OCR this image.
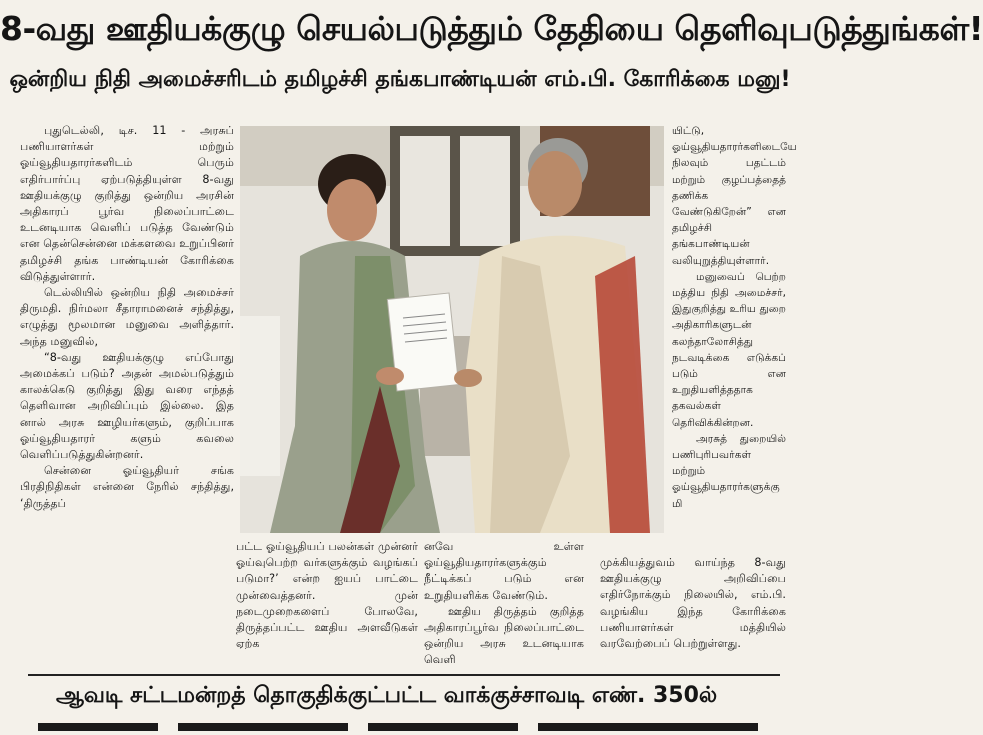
8-வது ஊதியக்குழு செயல்படுத்தும் தேதியை தெளிவுபடுத்துங்கள்!
ஒன்றிய நிதி அமைச்சரிடம் தமிழச்சி தங்கபாண்டியன் எம்.பி. கோரிக்கை மனு!

புதுடெல்லி, டிச. 11 - அரசுப் பணியாளர்கள் மற்றும் ஓய்வூதியதாரர்களிடம் பெரும் எதிர்பார்ப்பு ஏற்படுத்தியுள்ள 8-வது ஊதியக்குழு குறித்து ஒன்றிய அரசின் அதிகாரப் பூர்வ நிலைப்பாட்டை உடனடியாக வெளிப் படுத்த வேண்டும் என தென்சென்னை மக்களவை உறுப்பினர் தமிழச்சி தங்க பாண்டியன் கோரிக்கை விடுத்துள்ளார்.

டெல்லியில் ஒன்றிய நிதி அமைச்சர் திருமதி. நிர்மலா சீதாராமனைச் சந்தித்து, எழுத்து மூலமான மனுவை அளித்தார். அந்த மனுவில்,

“8-வது ஊதியக்குழு எப்போது அமைக்கப் படும்? அதன் அமல்படுத்தும் காலக்கெடு குறித்து இது வரை எந்தத் தெளிவான அறிவிப்பும் இல்லை. இத னால் அரசு ஊழியர்களும், குறிப்பாக ஓய்வூதியதாரர் களும் கவலை வெளிப்படுத்துகின்றனர்.

சென்னை ஓய்வூதியர் சங்க பிரதிநிதிகள் என்னை நேரில் சந்தித்து, ‘திருத்தப்

யிட்டு, ஓய்வூதியதாரர்களிடையே நிலவும் பதட்டம் மற்றும் குழப்பத்தைத் தணிக்க வேண்டுகிறேன்” என தமிழச்சி தங்கபாண்டியன் வலியுறுத்தியுள்ளார்.

மனுவைப் பெற்ற மத்திய நிதி அமைச்சர், இதுகுறித்து உரிய துறை அதிகாரிகளுடன் கலந்தாலோசித்து நடவடிக்கை எடுக்கப் படும் என உறுதியளித்ததாக தகவல்கள் தெரிவிக்கின்றன.

அரசுத் துறையில் பணிபுரிபவர்கள் மற்றும் ஓய்வூதியதாரர்களுக்கு மி

பட்ட ஓய்வூதியப் பலன்கள் முன்னர் ஓய்வுபெற்ற வர்களுக்கும் வழங்கப் படுமா?’ என்ற ஐயப் பாட்டை முன்வைத்தனர். முன் நடைமுறைகளைப் போலவே, திருத்தப்பட்ட ஊதிய அளவீடுகள் ஏற்க

னவே உள்ள ஓய்வூதியதாரர்களுக்கும் நீட்டிக்கப் படும் என உறுதியளிக்க வேண்டும்.

ஊதிய திருத்தம் குறித்த அதிகாரப்பூர்வ நிலைப்பாட்டை ஒன்றிய அரசு உடனடியாக வெளி

முக்கியத்துவம் வாய்ந்த 8-வது ஊதியக்குழு அறிவிப்பை எதிர்நோக்கும் நிலையில், எம்.பி. வழங்கிய இந்த கோரிக்கை பணியாளர்கள் மத்தியில் வரவேற்பைப் பெற்றுள்ளது.

ஆவடி சட்டமன்றத் தொகுதிக்குட்பட்ட வாக்குச்சாவடி எண். 350ல்
